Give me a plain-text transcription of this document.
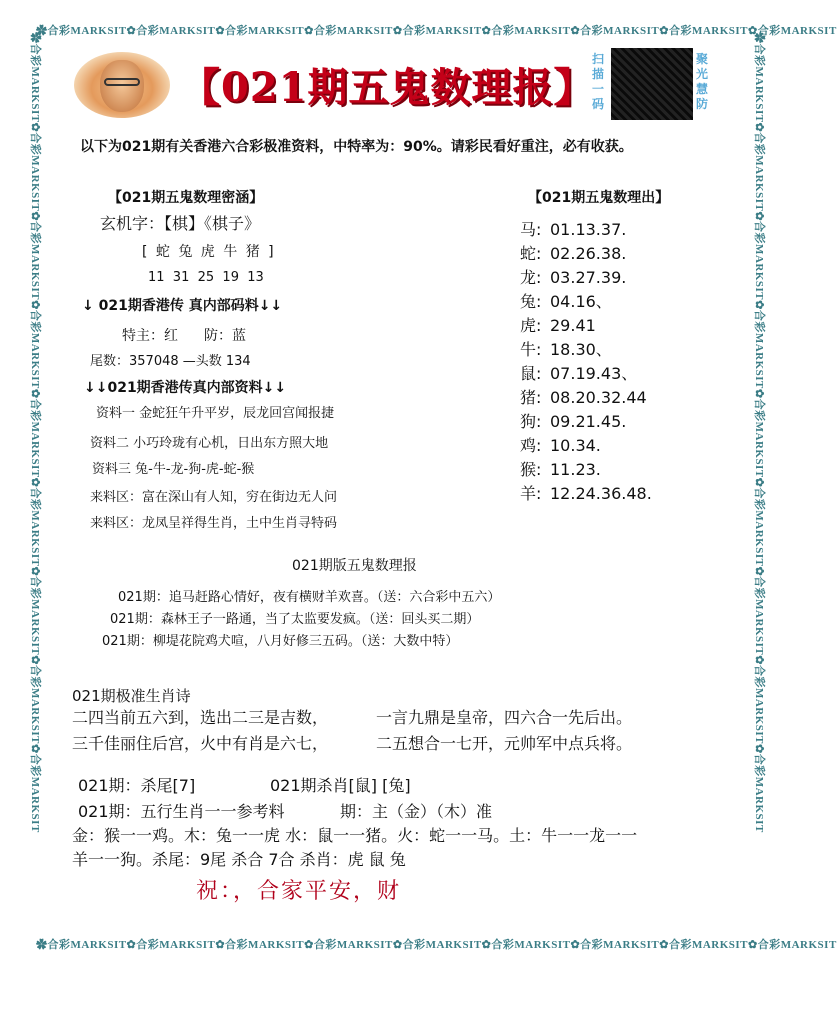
✿合彩MARKSIT✿合彩MARKSIT✿合彩MARKSIT✿合彩MARKSIT✿合彩MARKSIT✿合彩MARKSIT✿合彩MARKSIT✿合彩MARKSIT✿合彩MARKSIT
✿合彩MARKSIT✿合彩MARKSIT✿合彩MARKSIT✿合彩MARKSIT✿合彩MARKSIT✿合彩MARKSIT✿合彩MARKSIT✿合彩MARKSIT✿合彩MARKSIT
✿合彩MARKSIT✿合彩MARKSIT✿合彩MARKSIT✿合彩MARKSIT✿合彩MARKSIT✿合彩MARKSIT✿合彩MARKSIT✿合彩MARKSIT✿合彩MARKSIT	✿合彩MARKSIT✿合彩MARKSIT✿合彩MARKSIT✿合彩MARKSIT✿合彩MARKSIT✿合彩MARKSIT✿合彩MARKSIT✿合彩MARKSIT✿合彩MARKSIT
【021期五鬼数理报】
扫描一码
聚光慧防
以下为021期有关香港六合彩极准资料，中特率为：90%。请彩民看好重注，必有收获。
【021期五鬼数理密涵】
玄机字：【棋】《棋子》
[ 蛇 兔 虎 牛 猪 ]
11  31  25  19  13
↓ 021期香港传 真内部码料↓↓
特主：红 防：蓝
尾数：357048 —头数 134
↓↓021期香港传真内部资料↓↓
资料一 金蛇狂午升平岁，辰龙回宫闻报捷
资料二 小巧玲珑有心机，日出东方照大地
资料三 兔-牛-龙-狗-虎-蛇-猴
来料区：富在深山有人知，穷在街边无人问
来料区：龙凤呈祥得生肖，土中生肖寻特码
【021期五鬼数理出】
马: 01.13.37.
蛇: 02.26.38.
龙: 03.27.39.
兔: 04.16、
虎: 29.41
牛: 18.30、
鼠: 07.19.43、
猪: 08.20.32.44
狗: 09.21.45.
鸡: 10.34.
猴: 11.23.
羊: 12.24.36.48.
021期版五鬼数理报
021期：追马赶路心情好，夜有横财羊欢喜。（送：六合彩中五六）
021期：森林王子一路通，当了太监要发疯。（送：回头买二期）
021期：柳堤花院鸡犬喧，八月好修三五码。（送：大数中特）
021期极准生肖诗
二四当前五六到，选出二三是吉数，	一言九鼎是皇帝，四六合一先后出。
三千佳丽住后宫，火中有肖是六七，	二五想合一七开，元帅军中点兵将。
021期：杀尾[7]	021期杀肖[鼠] [兔]
021期：五行生肖一一参考料	期：主（金）（木）准
金：猴一一鸡。木：兔一一虎 水：鼠一一猪。火：蛇一一马。土：牛一一龙一一
羊一一狗。杀尾：9尾 杀合 7合 杀肖：虎 鼠 兔
祝：，合家平安，财
